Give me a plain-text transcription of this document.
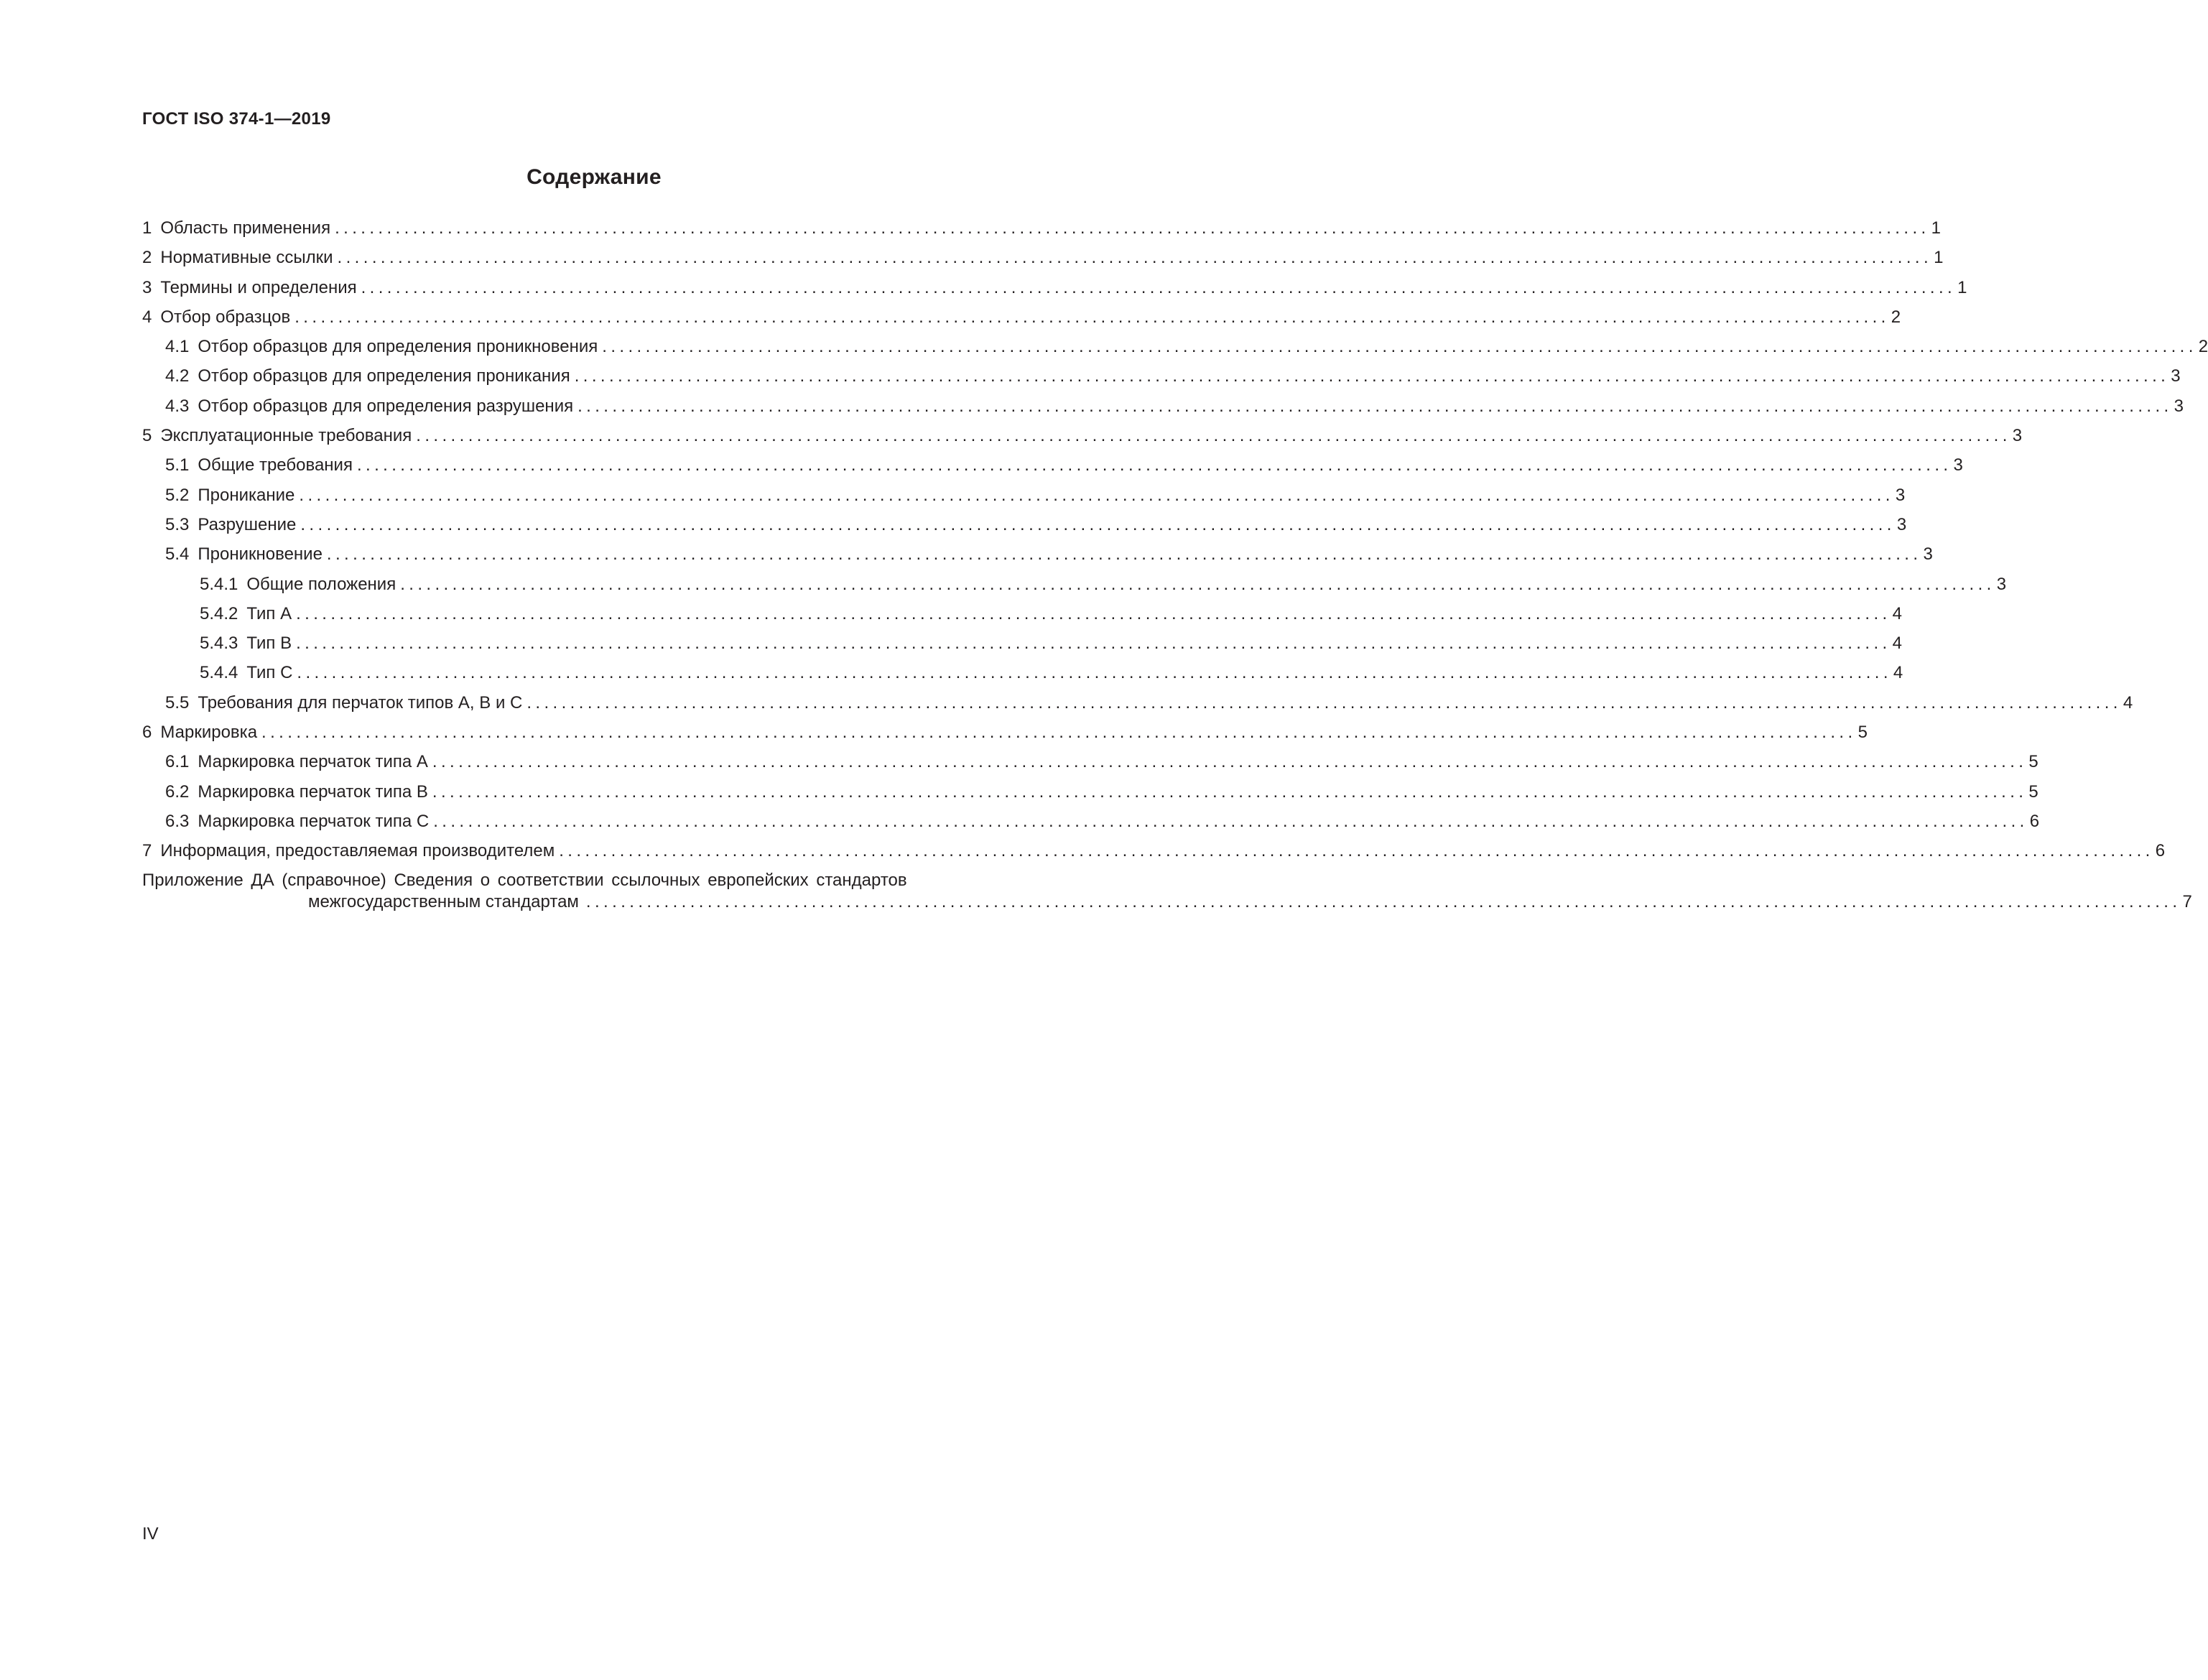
ГОСТ ISO 374-1—2019
Содержание
1 Область применения ........................................................................................................................................................................................ 1
2 Нормативные ссылки ........................................................................................................................................................................................ 1
3 Термины и определения ........................................................................................................................................................................................ 1
4 Отбор образцов ........................................................................................................................................................................................ 2
4.1 Отбор образцов для определения проникновения ........................................................................................................................................................................................ 2
4.2 Отбор образцов для определения проникания ........................................................................................................................................................................................ 3
4.3 Отбор образцов для определения разрушения ........................................................................................................................................................................................ 3
5 Эксплуатационные требования ........................................................................................................................................................................................ 3
5.1 Общие требования ........................................................................................................................................................................................ 3
5.2 Проникание ........................................................................................................................................................................................ 3
5.3 Разрушение ........................................................................................................................................................................................ 3
5.4 Проникновение ........................................................................................................................................................................................ 3
5.4.1 Общие положения ........................................................................................................................................................................................ 3
5.4.2 Тип А ........................................................................................................................................................................................ 4
5.4.3 Тип В ........................................................................................................................................................................................ 4
5.4.4 Тип С ........................................................................................................................................................................................ 4
5.5 Требования для перчаток типов А, В и С ........................................................................................................................................................................................ 4
6 Маркировка ........................................................................................................................................................................................ 5
6.1 Маркировка перчаток типа А ........................................................................................................................................................................................ 5
6.2 Маркировка перчаток типа В ........................................................................................................................................................................................ 5
6.3 Маркировка перчаток типа С ........................................................................................................................................................................................ 6
7 Информация, предоставляемая производителем ........................................................................................................................................................................................ 6
Приложение ДА (справочное) Сведения о соответствии ссылочных европейских стандартов
межгосударственным стандартам ........................................................................................................................................................................................ 7
IV
